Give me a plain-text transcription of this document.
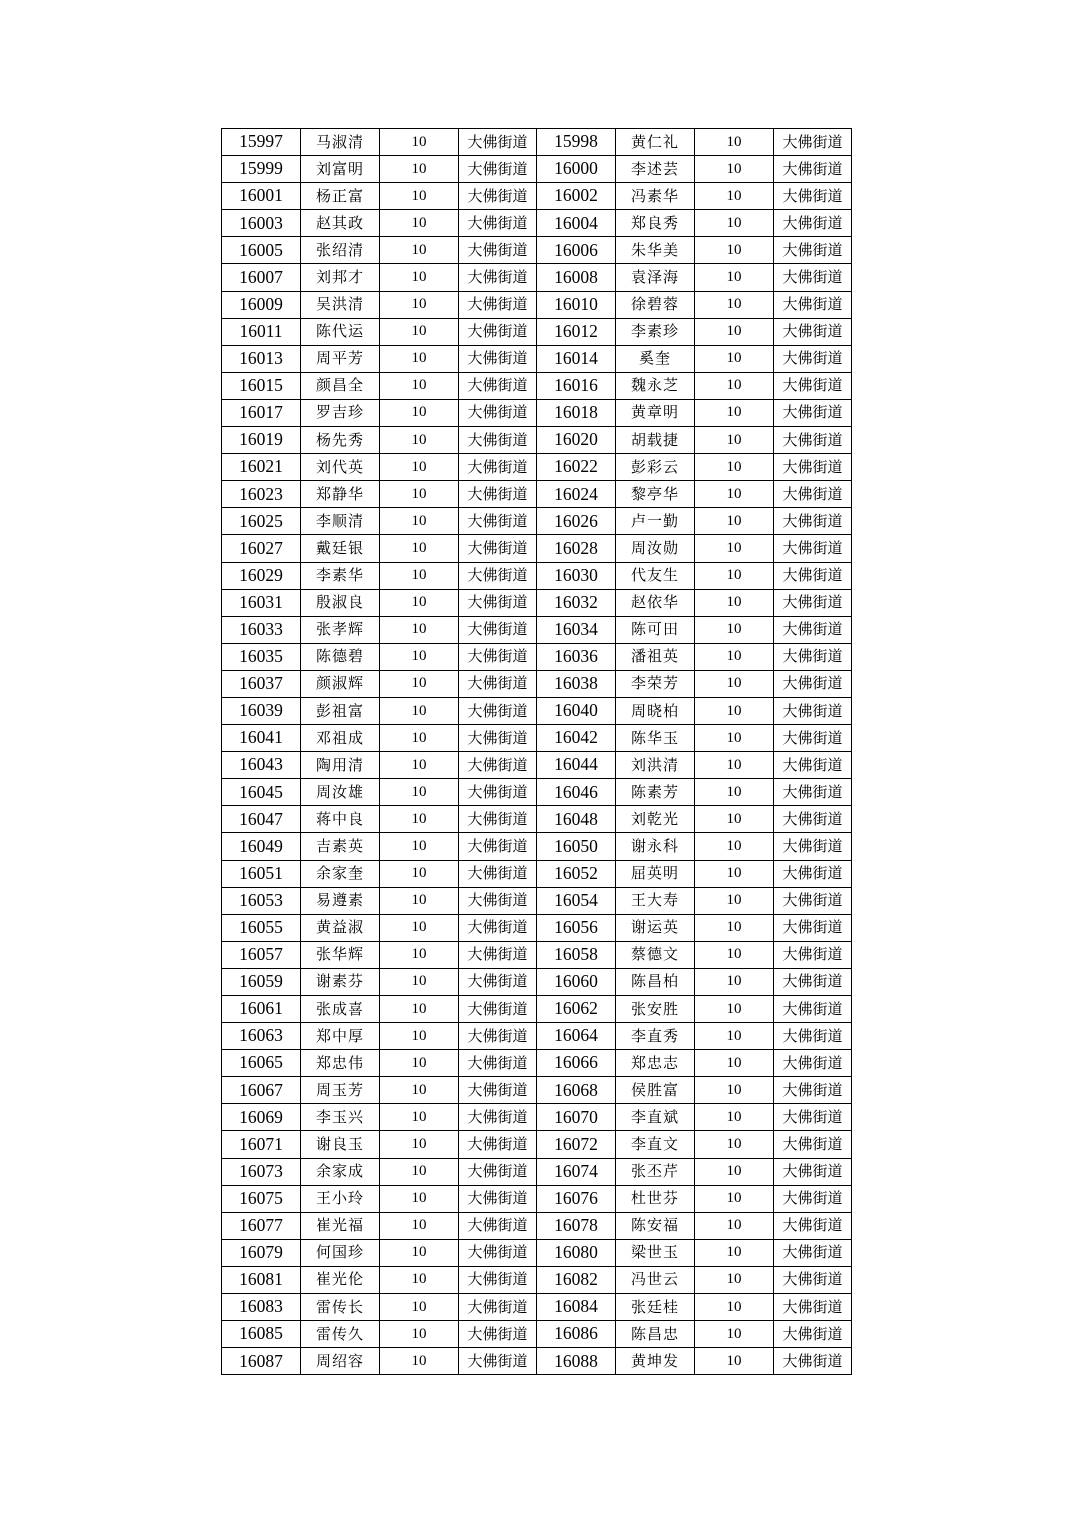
15997	马淑清	10	大佛街道	15998	黄仁礼	10	大佛街道
15999	刘富明	10	大佛街道	16000	李述芸	10	大佛街道
16001	杨正富	10	大佛街道	16002	冯素华	10	大佛街道
16003	赵其政	10	大佛街道	16004	郑良秀	10	大佛街道
16005	张绍清	10	大佛街道	16006	朱华美	10	大佛街道
16007	刘邦才	10	大佛街道	16008	袁泽海	10	大佛街道
16009	吴洪清	10	大佛街道	16010	徐碧蓉	10	大佛街道
16011	陈代运	10	大佛街道	16012	李素珍	10	大佛街道
16013	周平芳	10	大佛街道	16014	奚奎	10	大佛街道
16015	颜昌全	10	大佛街道	16016	魏永芝	10	大佛街道
16017	罗吉珍	10	大佛街道	16018	黄章明	10	大佛街道
16019	杨先秀	10	大佛街道	16020	胡载捷	10	大佛街道
16021	刘代英	10	大佛街道	16022	彭彩云	10	大佛街道
16023	郑静华	10	大佛街道	16024	黎亭华	10	大佛街道
16025	李顺清	10	大佛街道	16026	卢一勤	10	大佛街道
16027	戴廷银	10	大佛街道	16028	周汝勋	10	大佛街道
16029	李素华	10	大佛街道	16030	代友生	10	大佛街道
16031	殷淑良	10	大佛街道	16032	赵依华	10	大佛街道
16033	张孝辉	10	大佛街道	16034	陈可田	10	大佛街道
16035	陈德碧	10	大佛街道	16036	潘祖英	10	大佛街道
16037	颜淑辉	10	大佛街道	16038	李荣芳	10	大佛街道
16039	彭祖富	10	大佛街道	16040	周晓柏	10	大佛街道
16041	邓祖成	10	大佛街道	16042	陈华玉	10	大佛街道
16043	陶用清	10	大佛街道	16044	刘洪清	10	大佛街道
16045	周汝雄	10	大佛街道	16046	陈素芳	10	大佛街道
16047	蒋中良	10	大佛街道	16048	刘乾光	10	大佛街道
16049	吉素英	10	大佛街道	16050	谢永科	10	大佛街道
16051	余家奎	10	大佛街道	16052	屈英明	10	大佛街道
16053	易遵素	10	大佛街道	16054	王大寿	10	大佛街道
16055	黄益淑	10	大佛街道	16056	谢运英	10	大佛街道
16057	张华辉	10	大佛街道	16058	蔡德文	10	大佛街道
16059	谢素芬	10	大佛街道	16060	陈昌柏	10	大佛街道
16061	张成喜	10	大佛街道	16062	张安胜	10	大佛街道
16063	郑中厚	10	大佛街道	16064	李直秀	10	大佛街道
16065	郑忠伟	10	大佛街道	16066	郑忠志	10	大佛街道
16067	周玉芳	10	大佛街道	16068	侯胜富	10	大佛街道
16069	李玉兴	10	大佛街道	16070	李直斌	10	大佛街道
16071	谢良玉	10	大佛街道	16072	李直文	10	大佛街道
16073	余家成	10	大佛街道	16074	张丕芹	10	大佛街道
16075	王小玲	10	大佛街道	16076	杜世芬	10	大佛街道
16077	崔光福	10	大佛街道	16078	陈安福	10	大佛街道
16079	何国珍	10	大佛街道	16080	梁世玉	10	大佛街道
16081	崔光伦	10	大佛街道	16082	冯世云	10	大佛街道
16083	雷传长	10	大佛街道	16084	张廷桂	10	大佛街道
16085	雷传久	10	大佛街道	16086	陈昌忠	10	大佛街道
16087	周绍容	10	大佛街道	16088	黄坤发	10	大佛街道
